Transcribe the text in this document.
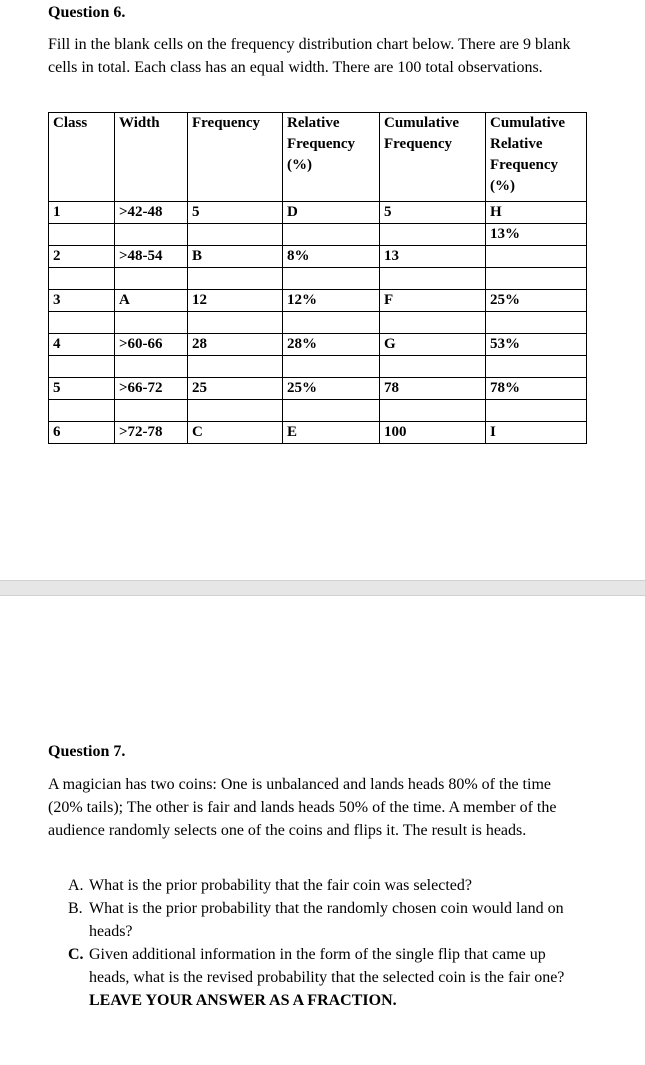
Question 6.
Fill in the blank cells on the frequency distribution chart below. There are 9 blank cells in total. Each class has an equal width. There are 100 total observations.
Class	Width	Frequency	Relative Frequency (%)	Cumulative Frequency	Cumulative Relative Frequency (%)
1	>42-48	5	D	5	H
					13%
2	>48-54	B	8%	13	

3	A	12	12%	F	25%

4	>60-66	28	28%	G	53%

5	>66-72	25	25%	78	78%

6	>72-78	C	E	100	I
Question 7.
A magician has two coins: One is unbalanced and lands heads 80% of the time (20% tails); The other is fair and lands heads 50% of the time. A member of the audience randomly selects one of the coins and flips it. The result is heads.
A. What is the prior probability that the fair coin was selected?
B. What is the prior probability that the randomly chosen coin would land on heads?
C. Given additional information in the form of the single flip that came up heads, what is the revised probability that the selected coin is the fair one? LEAVE YOUR ANSWER AS A FRACTION.
